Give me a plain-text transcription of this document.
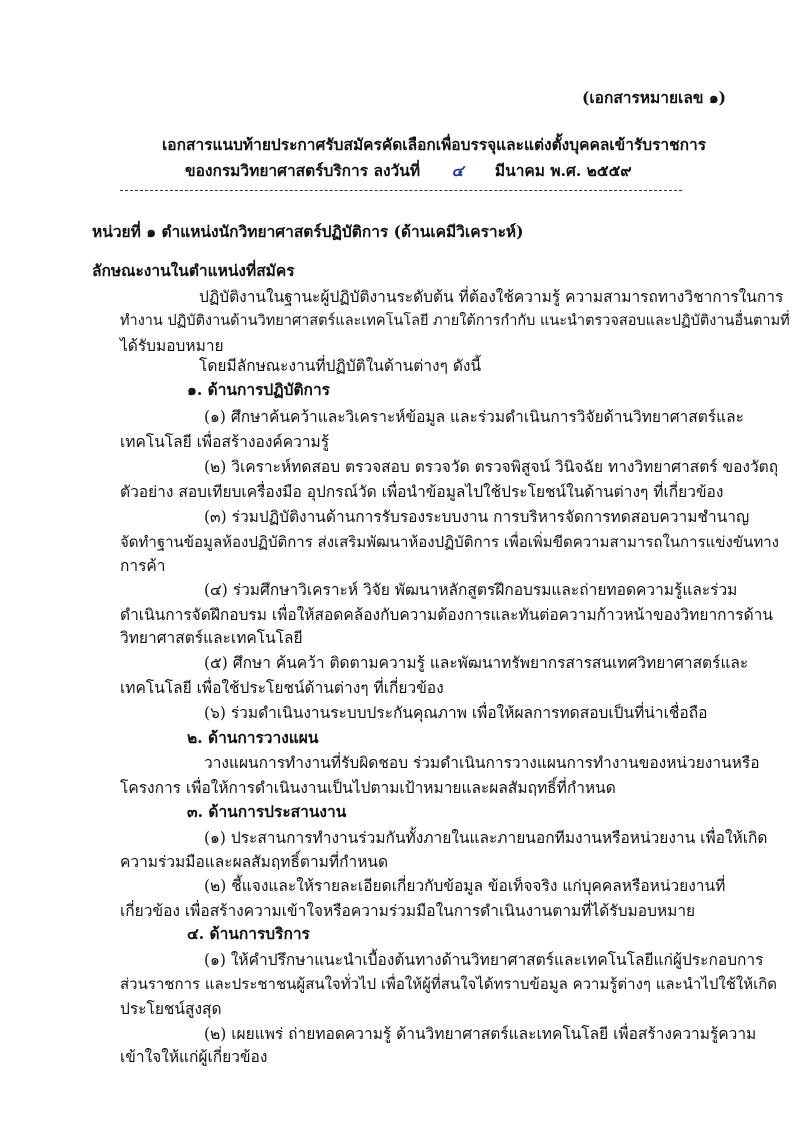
(เอกสารหมายเลข ๑)

เอกสารแนบท้ายประกาศรับสมัครคัดเลือกเพื่อบรรจุและแต่งตั้งบุคคลเข้ารับราชการ

ของกรมวิทยาศาสตร์บริการ ลงวันที่ ๔ มีนาคม พ.ศ. ๒๕๕๙

หน่วยที่ ๑ ตำแหน่งนักวิทยาศาสตร์ปฏิบัติการ (ด้านเคมีวิเคราะห์)

ลักษณะงานในตำแหน่งที่สมัคร

ปฏิบัติงานในฐานะผู้ปฏิบัติงานระดับต้น ที่ต้องใช้ความรู้ ความสามารถทางวิชาการในการ

ทำงาน ปฏิบัติงานด้านวิทยาศาสตร์และเทคโนโลยี ภายใต้การกำกับ แนะนำตรวจสอบและปฏิบัติงานอื่นตามที่

ได้รับมอบหมาย

โดยมีลักษณะงานที่ปฏิบัติในด้านต่างๆ ดังนี้

๑. ด้านการปฏิบัติการ

(๑) ศึกษาค้นคว้าและวิเคราะห์ข้อมูล และร่วมดำเนินการวิจัยด้านวิทยาศาสตร์และ

เทคโนโลยี เพื่อสร้างองค์ความรู้

(๒) วิเคราะห์ทดสอบ ตรวจสอบ ตรวจวัด ตรวจพิสูจน์ วินิจฉัย ทางวิทยาศาสตร์ ของวัตถุ

ตัวอย่าง สอบเทียบเครื่องมือ อุปกรณ์วัด เพื่อนำข้อมูลไปใช้ประโยชน์ในด้านต่างๆ ที่เกี่ยวข้อง

(๓) ร่วมปฏิบัติงานด้านการรับรองระบบงาน การบริหารจัดการทดสอบความชำนาญ

จัดทำฐานข้อมูลห้องปฏิบัติการ ส่งเสริมพัฒนาห้องปฏิบัติการ เพื่อเพิ่มขีดความสามารถในการแข่งขันทาง

การค้า

(๔) ร่วมศึกษาวิเคราะห์ วิจัย พัฒนาหลักสูตรฝึกอบรมและถ่ายทอดความรู้และร่วม

ดำเนินการจัดฝึกอบรม เพื่อให้สอดคล้องกับความต้องการและทันต่อความก้าวหน้าของวิทยาการด้าน

วิทยาศาสตร์และเทคโนโลยี

(๕) ศึกษา ค้นคว้า ติดตามความรู้ และพัฒนาทรัพยากรสารสนเทศวิทยาศาสตร์และ

เทคโนโลยี เพื่อใช้ประโยชน์ด้านต่างๆ ที่เกี่ยวข้อง

(๖) ร่วมดำเนินงานระบบประกันคุณภาพ เพื่อให้ผลการทดสอบเป็นที่น่าเชื่อถือ

๒. ด้านการวางแผน

วางแผนการทำงานที่รับผิดชอบ ร่วมดำเนินการวางแผนการทำงานของหน่วยงานหรือ

โครงการ เพื่อให้การดำเนินงานเป็นไปตามเป้าหมายและผลสัมฤทธิ์ที่กำหนด

๓. ด้านการประสานงาน

(๑) ประสานการทำงานร่วมกันทั้งภายในและภายนอกทีมงานหรือหน่วยงาน เพื่อให้เกิด

ความร่วมมือและผลสัมฤทธิ์ตามที่กำหนด

(๒) ชี้แจงและให้รายละเอียดเกี่ยวกับข้อมูล ข้อเท็จจริง แก่บุคคลหรือหน่วยงานที่

เกี่ยวข้อง เพื่อสร้างความเข้าใจหรือความร่วมมือในการดำเนินงานตามที่ได้รับมอบหมาย

๔. ด้านการบริการ

(๑) ให้คำปรึกษาแนะนำเบื้องต้นทางด้านวิทยาศาสตร์และเทคโนโลยีแก่ผู้ประกอบการ

ส่วนราชการ และประชาชนผู้สนใจทั่วไป เพื่อให้ผู้ที่สนใจได้ทราบข้อมูล ความรู้ต่างๆ และนำไปใช้ให้เกิด

ประโยชน์สูงสุด

(๒) เผยแพร่ ถ่ายทอดความรู้ ด้านวิทยาศาสตร์และเทคโนโลยี เพื่อสร้างความรู้ความ

เข้าใจให้แก่ผู้เกี่ยวข้อง
